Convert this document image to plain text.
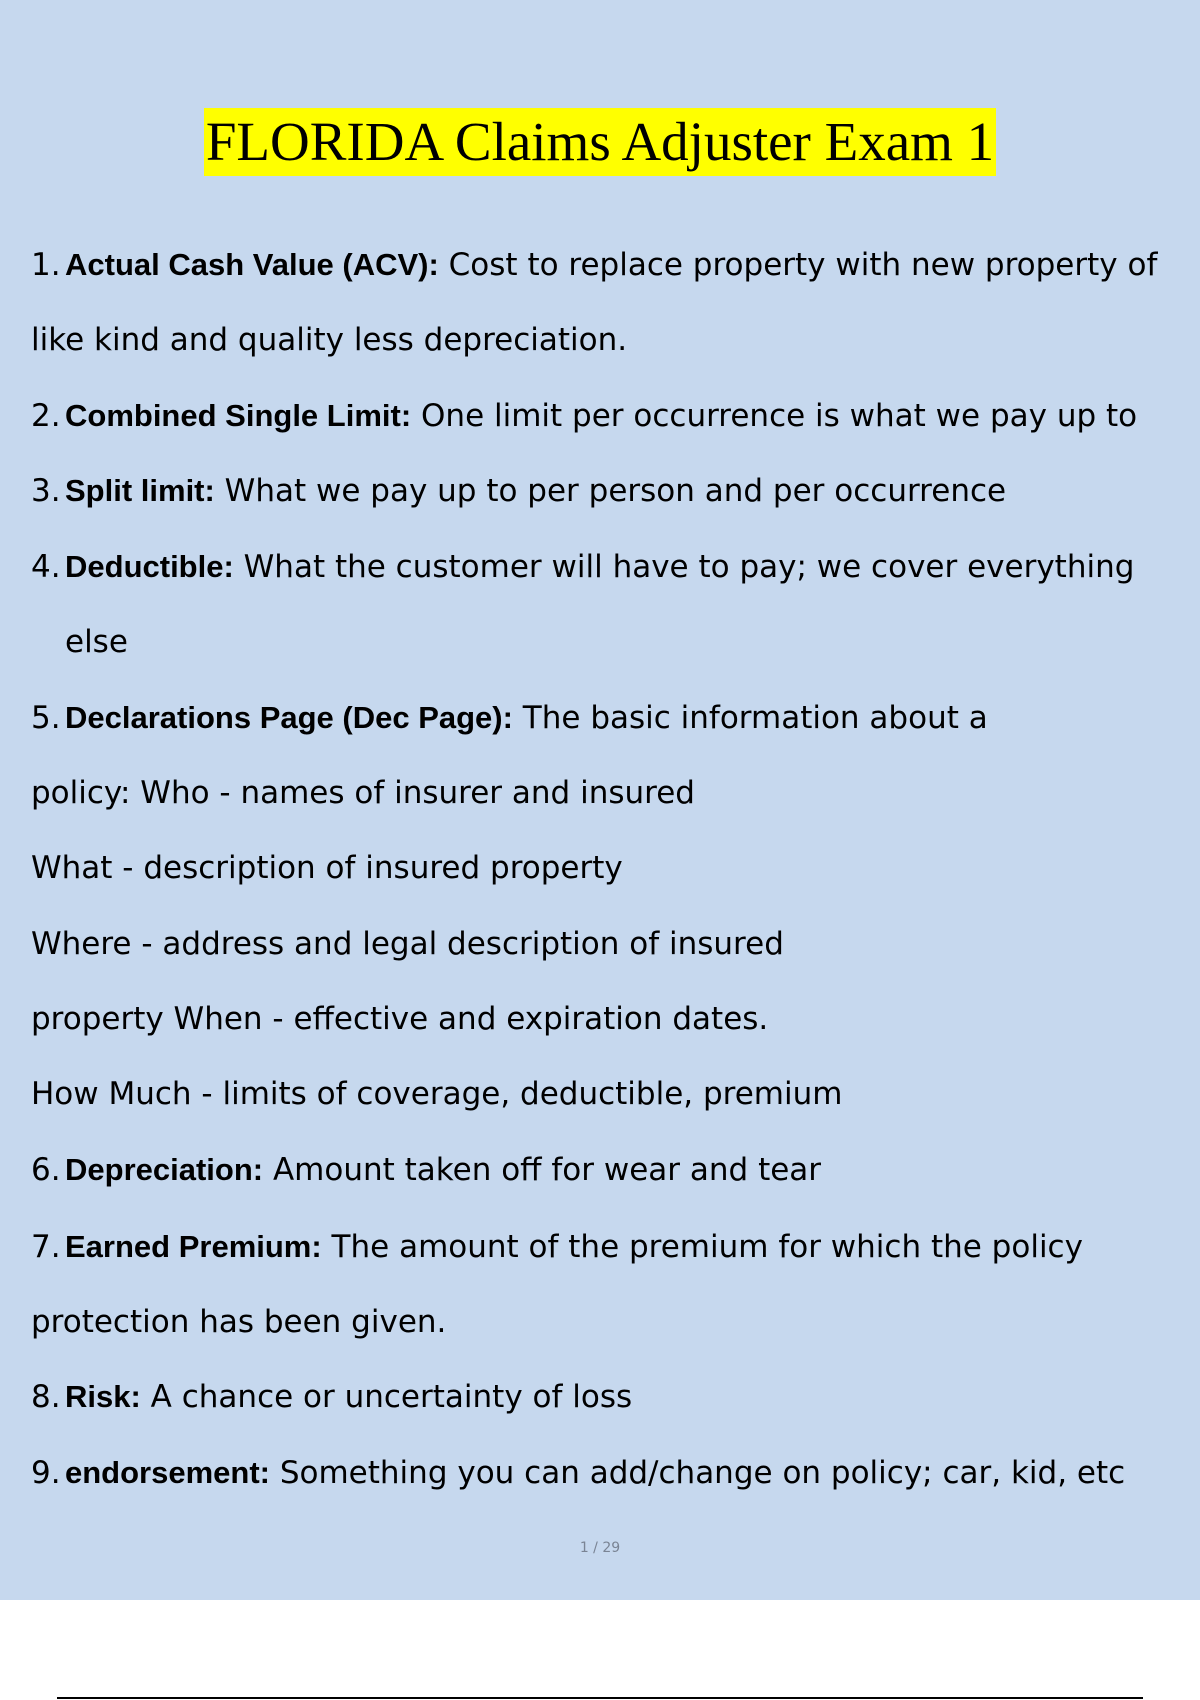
FLORIDA Claims Adjuster Exam 1
1. Actual Cash Value (ACV): Cost to replace property with new property of
like kind and quality less depreciation.
2. Combined Single Limit: One limit per occurrence is what we pay up to
3. Split limit: What we pay up to per person and per occurrence
4. Deductible: What the customer will have to pay; we cover everything
else
5. Declarations Page (Dec Page): The basic information about a
policy: Who - names of insurer and insured
What - description of insured property
Where - address and legal description of insured
property When - effective and expiration dates.
How Much - limits of coverage, deductible, premium
6. Depreciation: Amount taken off for wear and tear
7. Earned Premium: The amount of the premium for which the policy
protection has been given.
8. Risk: A chance or uncertainty of loss
9. endorsement: Something you can add/change on policy; car, kid, etc
1 / 29
